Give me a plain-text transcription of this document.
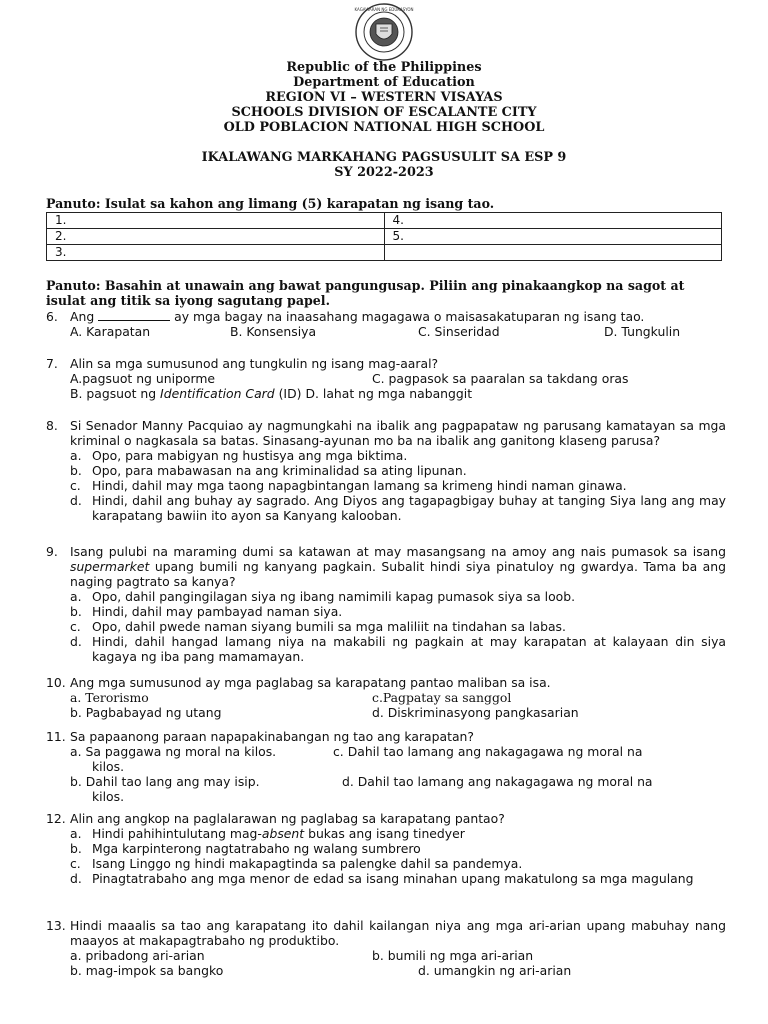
KAGAWARAN NG EDUKASYON
Republic of the Philippines
Department of Education
REGION VI – WESTERN VISAYAS
SCHOOLS DIVISION OF ESCALANTE CITY
OLD POBLACION NATIONAL HIGH SCHOOL
IKALAWANG MARKAHANG PAGSUSULIT SA ESP 9
SY 2022-2023
Panuto: Isulat sa kahon ang limang (5) karapatan ng isang tao.
1.	4.
2.	5.
3.	
Panuto: Basahin at unawain ang bawat pangungusap. Piliin ang pinakaangkop na sagot at isulat ang titik sa iyong sagutang papel.
6. Ang	ay mga bagay na inaasahang magagawa o maisasakatuparan ng isang tao.
A. Karapatan	B. Konsensiya	C. Sinseridad	D. Tungkulin
7. Alin sa mga sumusunod ang tungkulin ng isang mag-aaral?
A.pagsuot ng uniporme	C. pagpasok sa paaralan sa takdang oras
B. pagsuot ng Identification Card (ID) D. lahat ng mga nabanggit
8. Si Senador Manny Pacquiao ay nagmungkahi na ibalik ang pagpapataw ng parusang kamatayan sa mga kriminal o nagkasala sa batas. Sinasang-ayunan mo ba na ibalik ang ganitong klaseng parusa?
a. Opo, para mabigyan ng hustisya ang mga biktima.
b. Opo, para mabawasan na ang kriminalidad sa ating lipunan.
c. Hindi, dahil may mga taong napagbintangan lamang sa krimeng hindi naman ginawa.
d. Hindi, dahil ang buhay ay sagrado. Ang Diyos ang tagapagbigay buhay at tanging Siya lang ang may karapatang bawiin ito ayon sa Kanyang kalooban.
9. Isang pulubi na maraming dumi sa katawan at may masangsang na amoy ang nais pumasok sa isang supermarket upang bumili ng kanyang pagkain. Subalit hindi siya pinatuloy ng gwardya. Tama ba ang naging pagtrato sa kanya?
a. Opo, dahil pangingilagan siya ng ibang namimili kapag pumasok siya sa loob.
b. Hindi, dahil may pambayad naman siya.
c. Opo, dahil pwede naman siyang bumili sa mga maliliit na tindahan sa labas.
d. Hindi, dahil hangad lamang niya na makabili ng pagkain at may karapatan at kalayaan din siya kagaya ng iba pang mamamayan.
10. Ang mga sumusunod ay mga paglabag sa karapatang pantao maliban sa isa.
a. Terorismo	c.Pagpatay sa sanggol
b. Pagbabayad ng utang	d. Diskriminasyong pangkasarian
11. Sa papaanong paraan napapakinabangan ng tao ang karapatan?
a. Sa paggawa ng moral na kilos.	c. Dahil tao lamang ang nakagagawa ng moral na
kilos.
b. Dahil tao lang ang may isip.	d. Dahil tao lamang ang nakagagawa ng moral na
kilos.
12. Alin ang angkop na paglalarawan ng paglabag sa karapatang pantao?
a. Hindi pahihintulutang mag-absent bukas ang isang tinedyer
b. Mga karpinterong nagtatrabaho ng walang sumbrero
c. Isang Linggo ng hindi makapagtinda sa palengke dahil sa pandemya.
d. Pinagtatrabaho ang mga menor de edad sa isang minahan upang makatulong sa mga magulang
13. Hindi maaalis sa tao ang karapatang ito dahil kailangan niya ang mga ari-arian upang mabuhay nang maayos at makapagtrabaho ng produktibo.
a. pribadong ari-arian	b. bumili ng mga ari-arian
b. mag-impok sa bangko	d. umangkin ng ari-arian
